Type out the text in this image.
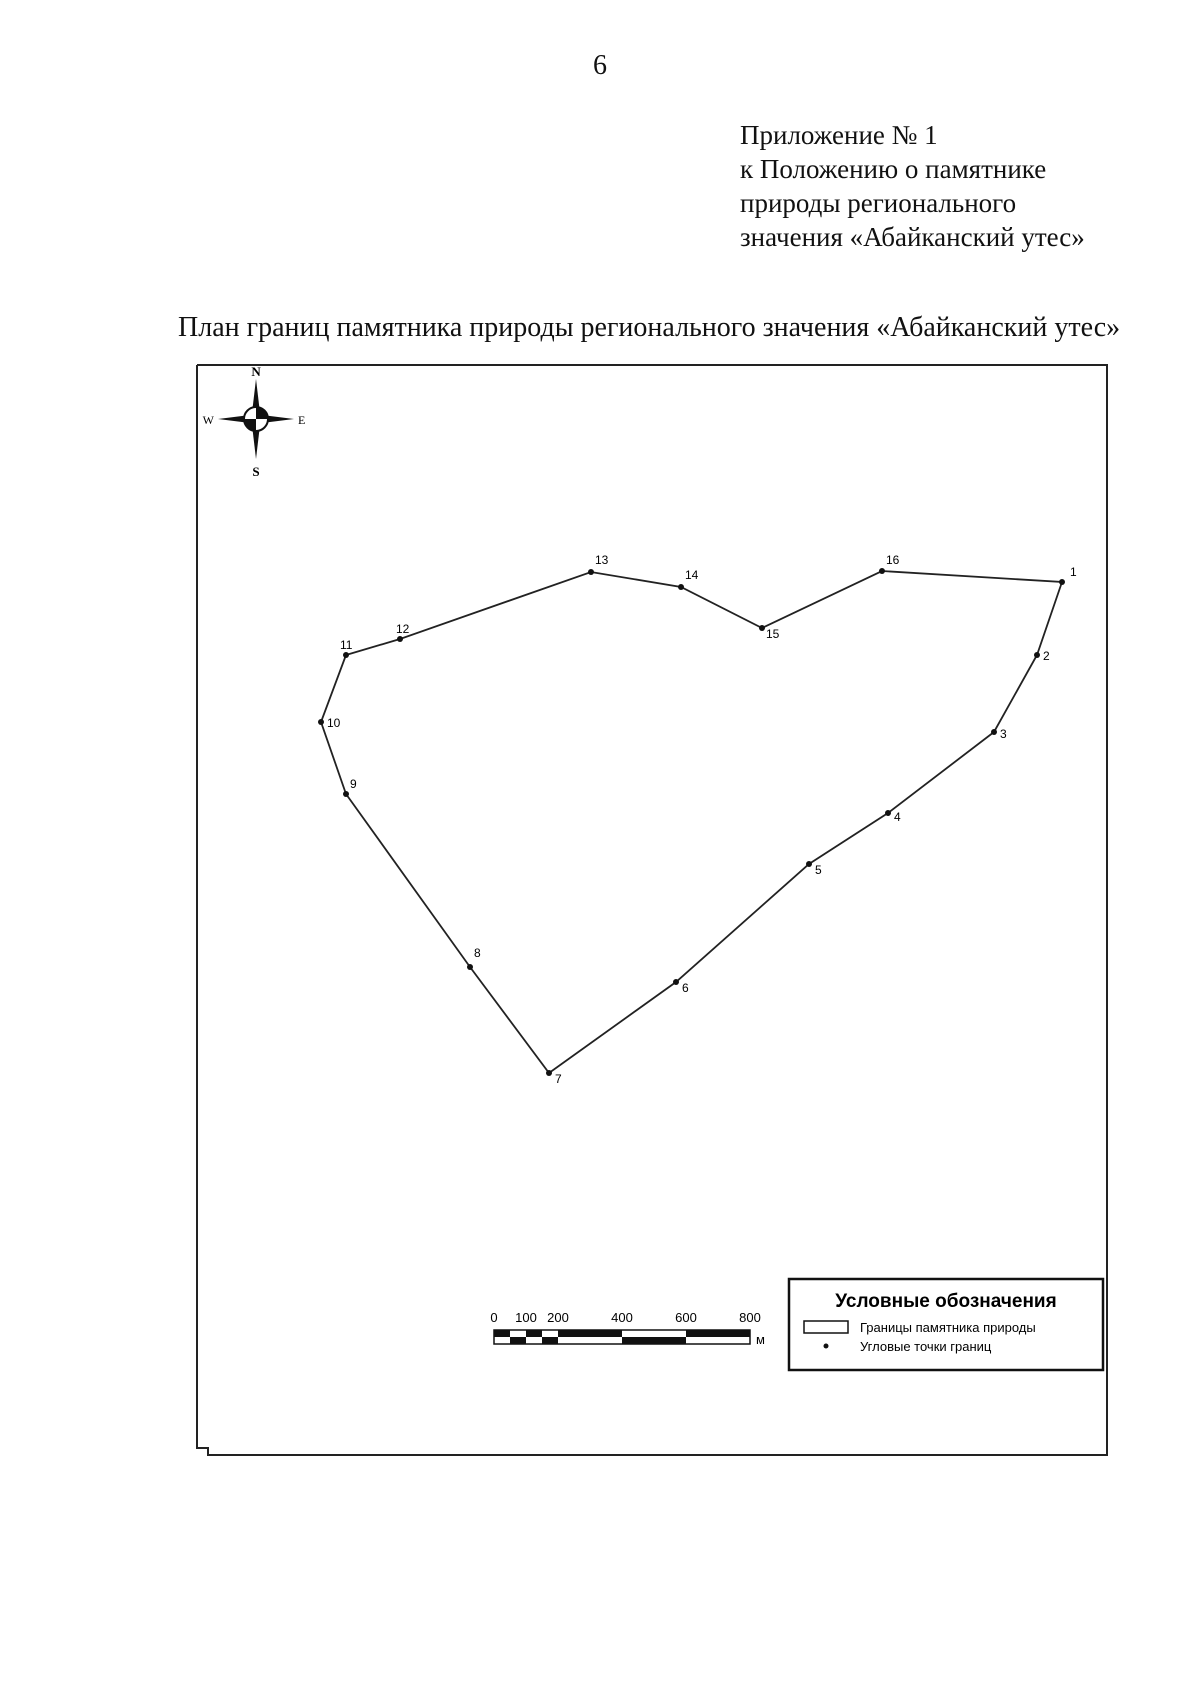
6
Приложение № 1
к Положению о памятнике
природы регионального
значения «Абайканский утес»
План границ памятника природы регионального значения «Абайканский утес»
N
S
W	E
1
2
3
4
5
6
7
8
9
10
11
12
13
14
15
16
0 100 200	400	600	800
м
Условные обозначения
Границы памятника природы
Угловые точки границ
